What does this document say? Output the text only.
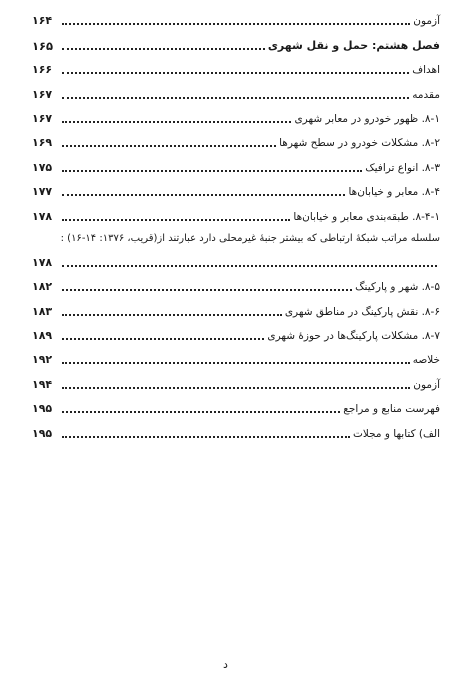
آزمون
۱۶۴
فصل هشتم: حمل و نقل شهری
۱۶۵
اهداف
۱۶۶
مقدمه
۱۶۷
۸-۱. ظهور خودرو در معابر شهری
۱۶۷
۸-۲. مشکلات خودرو در سطح شهرها
۱۶۹
۸-۳. انواع ترافیک
۱۷۵
۸-۴. معابر و خیابان‌ها
۱۷۷
۸-۴-۱. طبقه‌بندی معابر و خیابان‌ها
۱۷۸
سلسله مراتب شبکهٔ ارتباطی که بیشتر جنبهٔ غیرمحلی دارد عبارتند از(قریب، ۱۳۷۶: ۱۴-۱۶) :
۱۷۸
۸-۵. شهر و پارکینگ
۱۸۲
۸-۶. نقش پارکینگ در مناطق شهری
۱۸۳
۸-۷. مشکلات پارکینگ‌ها در حوزهٔ شهری
۱۸۹
خلاصه
۱۹۲
آزمون
۱۹۴
فهرست منابع و مراجع
۱۹۵
الف) کتابها و مجلات
۱۹۵
د
